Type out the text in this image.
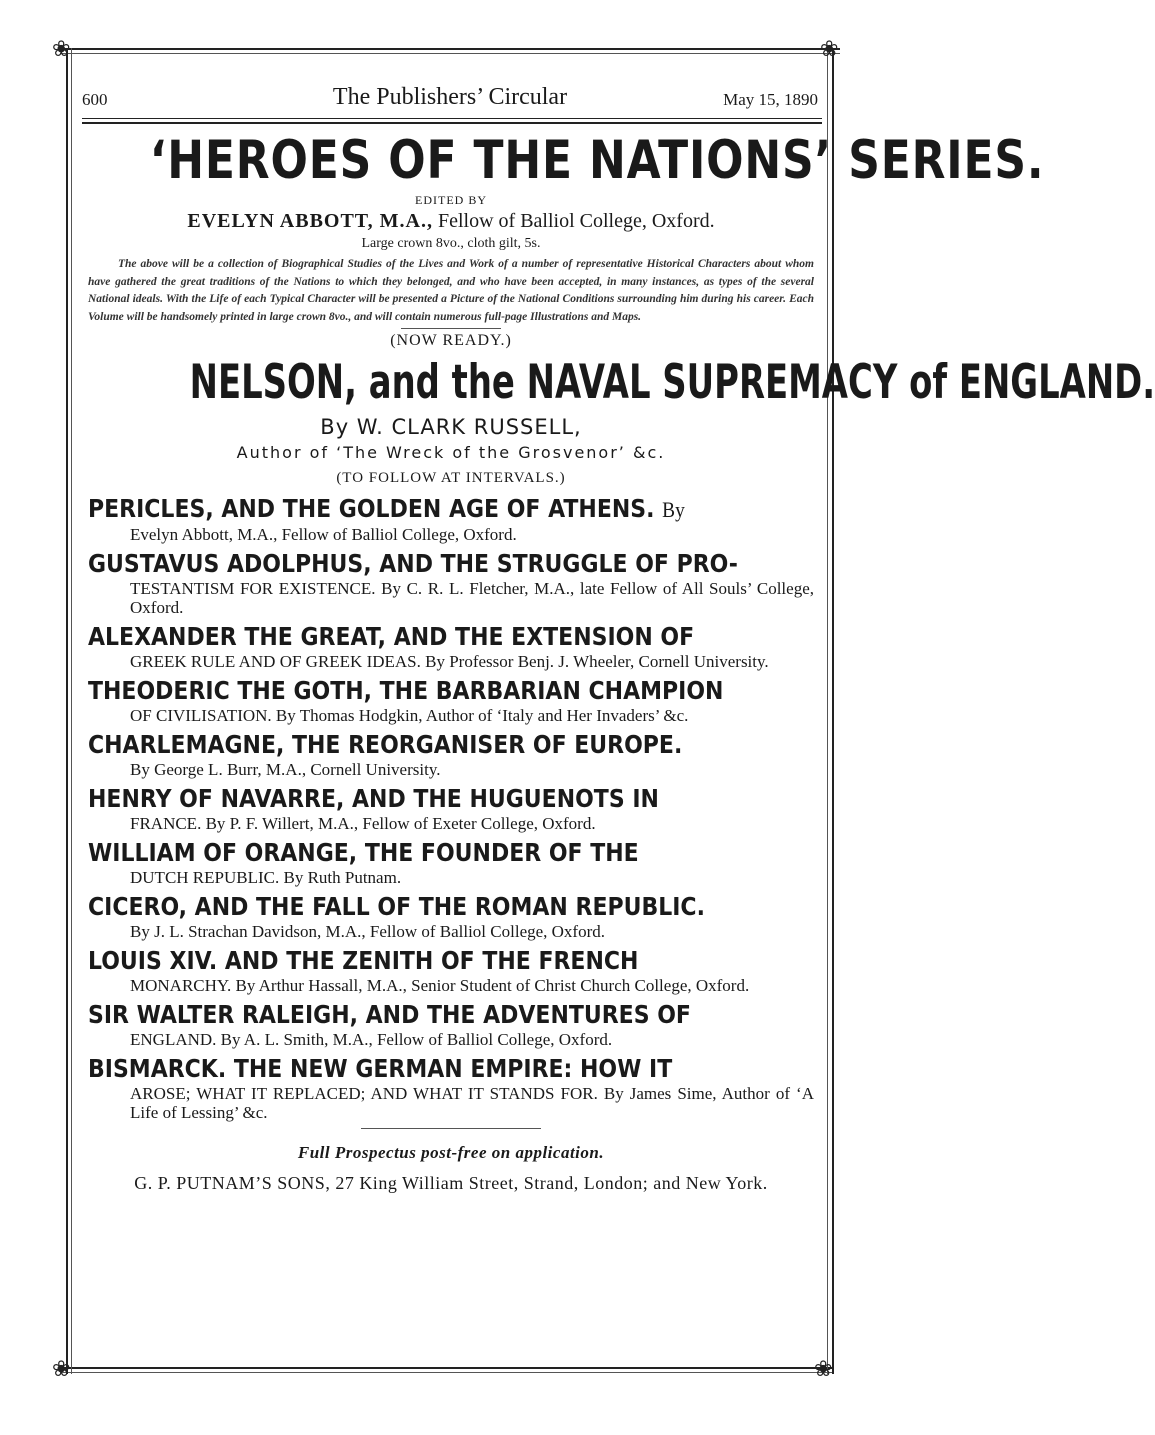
❀	❀
❀	❀
600	The Publishers’ Circular	May 15, 1890
‘HEROES OF THE NATIONS’ SERIES.
EDITED BY
EVELYN ABBOTT, M.A., Fellow of Balliol College, Oxford.
Large crown 8vo., cloth gilt, 5s.
The above will be a collection of Biographical Studies of the Lives and Work of a number of representative Historical Characters about whom have gathered the great traditions of the Nations to which they belonged, and who have been accepted, in many instances, as types of the several National ideals. With the Life of each Typical Character will be presented a Picture of the National Conditions surrounding him during his career. Each Volume will be handsomely printed in large crown 8vo., and will contain numerous full-page Illustrations and Maps.
(NOW READY.)
NELSON, and the NAVAL SUPREMACY of ENGLAND.
By W. CLARK RUSSELL,
Author of ‘The Wreck of the Grosvenor’ &c.
(TO FOLLOW AT INTERVALS.)
PERICLES, AND THE GOLDEN AGE OF ATHENS. By
Evelyn Abbott, M.A., Fellow of Balliol College, Oxford.
GUSTAVUS ADOLPHUS, AND THE STRUGGLE OF PRO-
TESTANTISM FOR EXISTENCE. By C. R. L. Fletcher, M.A., late Fellow of All Souls’ College, Oxford.
ALEXANDER THE GREAT, AND THE EXTENSION OF
GREEK RULE AND OF GREEK IDEAS. By Professor Benj. J. Wheeler, Cornell University.
THEODERIC THE GOTH, THE BARBARIAN CHAMPION
OF CIVILISATION. By Thomas Hodgkin, Author of ‘Italy and Her Invaders’ &c.
CHARLEMAGNE, THE REORGANISER OF EUROPE.
By George L. Burr, M.A., Cornell University.
HENRY OF NAVARRE, AND THE HUGUENOTS IN
FRANCE. By P. F. Willert, M.A., Fellow of Exeter College, Oxford.
WILLIAM OF ORANGE, THE FOUNDER OF THE
DUTCH REPUBLIC. By Ruth Putnam.
CICERO, AND THE FALL OF THE ROMAN REPUBLIC.
By J. L. Strachan Davidson, M.A., Fellow of Balliol College, Oxford.
LOUIS XIV. AND THE ZENITH OF THE FRENCH
MONARCHY. By Arthur Hassall, M.A., Senior Student of Christ Church College, Oxford.
SIR WALTER RALEIGH, AND THE ADVENTURES OF
ENGLAND. By A. L. Smith, M.A., Fellow of Balliol College, Oxford.
BISMARCK. THE NEW GERMAN EMPIRE: HOW IT
AROSE; WHAT IT REPLACED; AND WHAT IT STANDS FOR. By James Sime, Author of ‘A Life of Lessing’ &c.
Full Prospectus post-free on application.
G. P. PUTNAM’S SONS, 27 King William Street, Strand, London; and New York.
